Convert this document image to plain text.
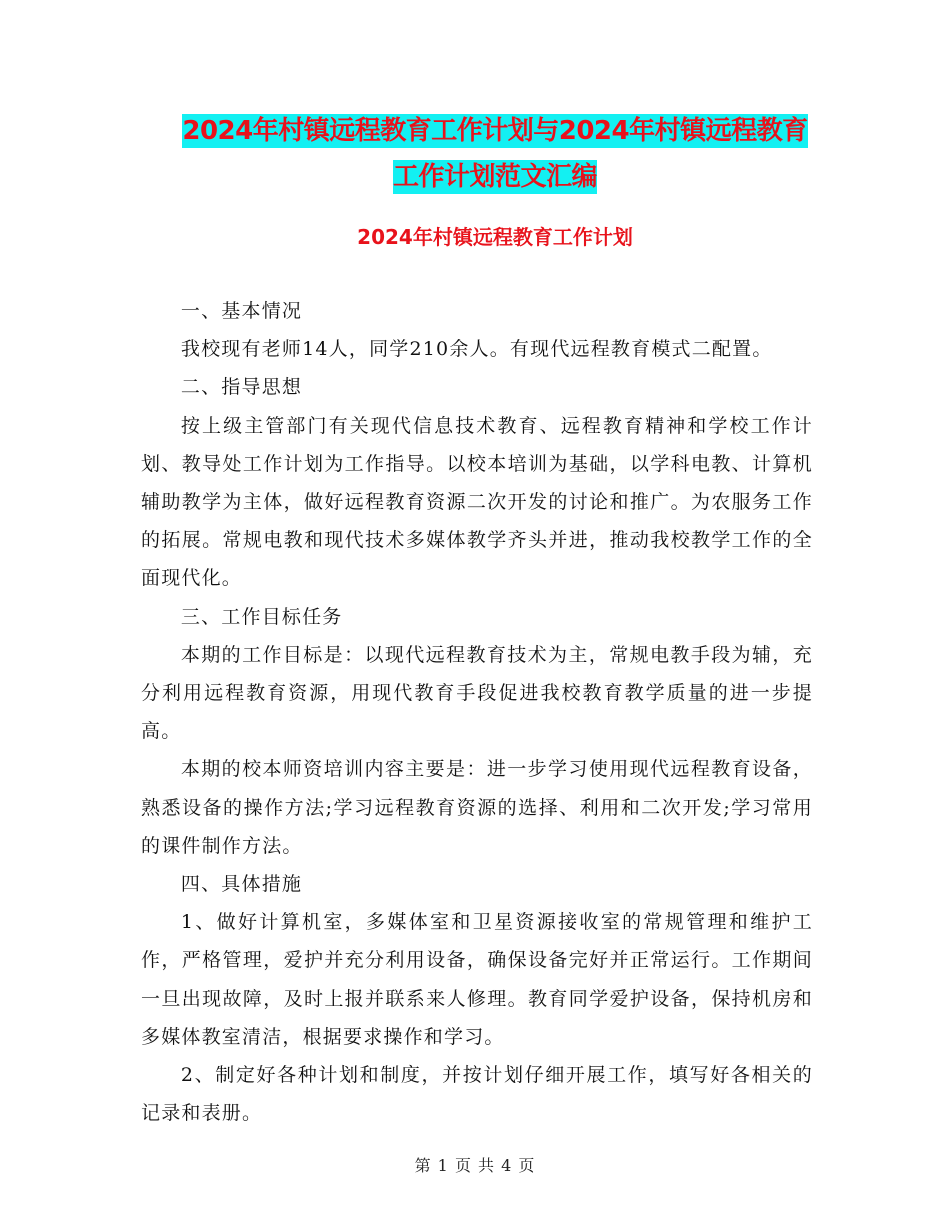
2024年村镇远程教育工作计划与2024年村镇远程教育
工作计划范文汇编
2024年村镇远程教育工作计划

一、基本情况

我校现有老师14人，同学210余人。有现代远程教育模式二配置。

二、指导思想

按上级主管部门有关现代信息技术教育、远程教育精神和学校工作计划、教导处工作计划为工作指导。以校本培训为基础，以学科电教、计算机辅助教学为主体，做好远程教育资源二次开发的讨论和推广。为农服务工作的拓展。常规电教和现代技术多媒体教学齐头并进，推动我校教学工作的全面现代化。

三、工作目标任务

本期的工作目标是：以现代远程教育技术为主，常规电教手段为辅，充分利用远程教育资源，用现代教育手段促进我校教育教学质量的进一步提高。

本期的校本师资培训内容主要是：进一步学习使用现代远程教育设备，熟悉设备的操作方法;学习远程教育资源的选择、利用和二次开发;学习常用的课件制作方法。

四、具体措施

1、做好计算机室，多媒体室和卫星资源接收室的常规管理和维护工作，严格管理，爱护并充分利用设备，确保设备完好并正常运行。工作期间一旦出现故障，及时上报并联系来人修理。教育同学爱护设备，保持机房和多媒体教室清洁，根据要求操作和学习。

2、制定好各种计划和制度，并按计划仔细开展工作，填写好各相关的记录和表册。

第 1 页 共 4 页
